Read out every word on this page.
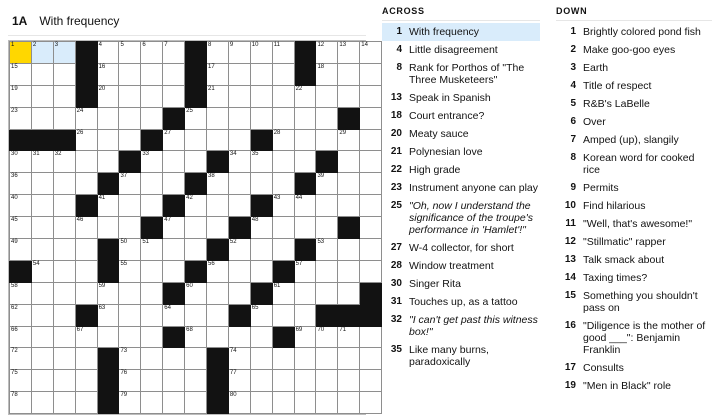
1A With frequency
1	2	3		4	5	6	7		8	9	10	11		12	13	14

15				16					17					18		

19				20					21				22			

23			24					25								

			26				27					28			29	

30	31	32				33				34	35					

36					37				38					39		

40				41				42				43	44			

45			46				47				48					

49					50	51				52				53		

	54				55				56				57			

58				59				60				61				

62				63			64				65					

66			67					68					69	70	71	

72					73					74						

75					76					77						

78					79					80						

ACROSS
1 With frequency
4 Little disagreement
8 Rank for Porthos of "The Three Musketeers"
13 Speak in Spanish
18 Court entrance?
20 Meaty sauce
21 Polynesian love
22 High grade
23 Instrument anyone can play
25 "Oh, now I understand the significance of the troupe's performance in 'Hamlet'!"
27 W-4 collector, for short
28 Window treatment
30 Singer Rita
31 Touches up, as a tattoo
32 "I can't get past this witness box!"
35 Like many burns, paradoxically
DOWN
1 Brightly colored pond fish
2 Make goo-goo eyes
3 Earth
4 Title of respect
5 R&B's LaBelle
6 Over
7 Amped (up), slangily
8 Korean word for cooked rice
9 Permits
10 Find hilarious
11 "Well, that's awesome!"
12 "Stillmatic" rapper
13 Talk smack about
14 Taxing times?
15 Something you shouldn't pass on
16 "Diligence is the mother of good ___": Benjamin Franklin
17 Consults
19 "Men in Black" role
